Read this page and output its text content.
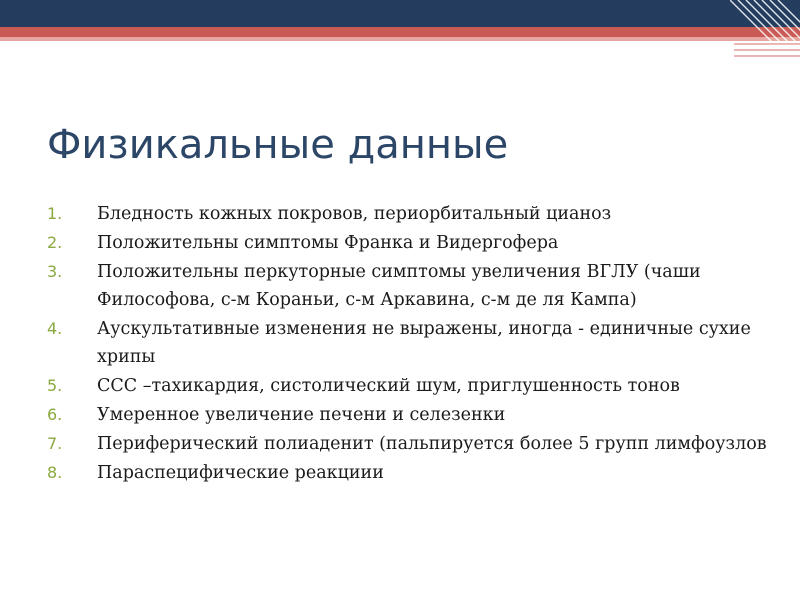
Физикальные данные
1.	Бледность кожных покровов, периорбитальный цианоз
2.	Положительны симптомы Франка и Видергофера
3.	Положительны перкуторные симптомы увеличения ВГЛУ (чаши Философова, с-м Кораньи, с-м Аркавина, с-м де ля Кампа)
4.	Аускультативные изменения не выражены, иногда - единичные сухие хрипы
5.	ССС –тахикардия, систолический шум, приглушенность тонов
6.	Умеренное увеличение печени и селезенки
7.	Периферический полиаденит (пальпируется более 5 групп лимфоузлов
8.	Параспецифические реакциии
